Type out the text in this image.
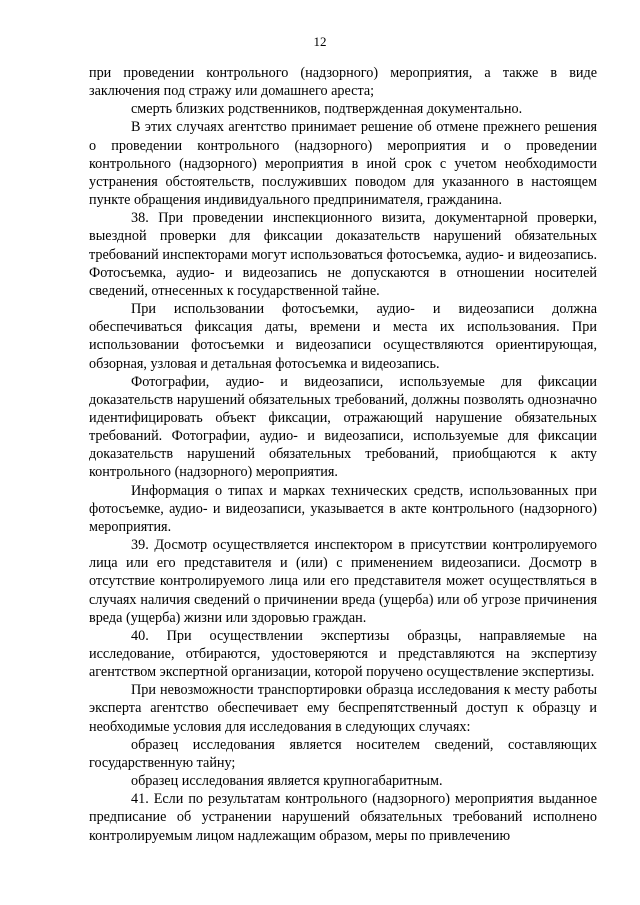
12

при проведении контрольного (надзорного) мероприятия, а также в виде заключения под стражу или домашнего ареста;

смерть близких родственников, подтвержденная документально.

В этих случаях агентство принимает решение об отмене прежнего решения о проведении контрольного (надзорного) мероприятия и о проведении контрольного (надзорного) мероприятия в иной срок с учетом необходимости устранения обстоятельств, послуживших поводом для указанного в настоящем пункте обращения индивидуального предпринимателя, гражданина.

38. При проведении инспекционного визита, документарной проверки, выездной проверки для фиксации доказательств нарушений обязательных требований инспекторами могут использоваться фотосъемка, аудио- и видеозапись. Фотосъемка, аудио- и видеозапись не допускаются в отношении носителей сведений, отнесенных к государственной тайне.

При использовании фотосъемки, аудио- и видеозаписи должна обеспечиваться фиксация даты, времени и места их использования. При использовании фотосъемки и видеозаписи осуществляются ориентирующая, обзорная, узловая и детальная фотосъемка и видеозапись.

Фотографии, аудио- и видеозаписи, используемые для фиксации доказательств нарушений обязательных требований, должны позволять однозначно идентифицировать объект фиксации, отражающий нарушение обязательных требований. Фотографии, аудио- и видеозаписи, используемые для фиксации доказательств нарушений обязательных требований, приобщаются к акту контрольного (надзорного) мероприятия.

Информация о типах и марках технических средств, использованных при фотосъемке, аудио- и видеозаписи, указывается в акте контрольного (надзорного) мероприятия.

39. Досмотр осуществляется инспектором в присутствии контролируемого лица или его представителя и (или) с применением видеозаписи. Досмотр в отсутствие контролируемого лица или его представителя может осуществляться в случаях наличия сведений о причинении вреда (ущерба) или об угрозе причинения вреда (ущерба) жизни или здоровью граждан.

40. При осуществлении экспертизы образцы, направляемые на исследование, отбираются, удостоверяются и представляются на экспертизу агентством экспертной организации, которой поручено осуществление экспертизы.

При невозможности транспортировки образца исследования к месту работы эксперта агентство обеспечивает ему беспрепятственный доступ к образцу и необходимые условия для исследования в следующих случаях:

образец исследования является носителем сведений, составляющих государственную тайну;

образец исследования является крупногабаритным.

41. Если по результатам контрольного (надзорного) мероприятия выданное предписание об устранении нарушений обязательных требований исполнено контролируемым лицом надлежащим образом, меры по привлечению
